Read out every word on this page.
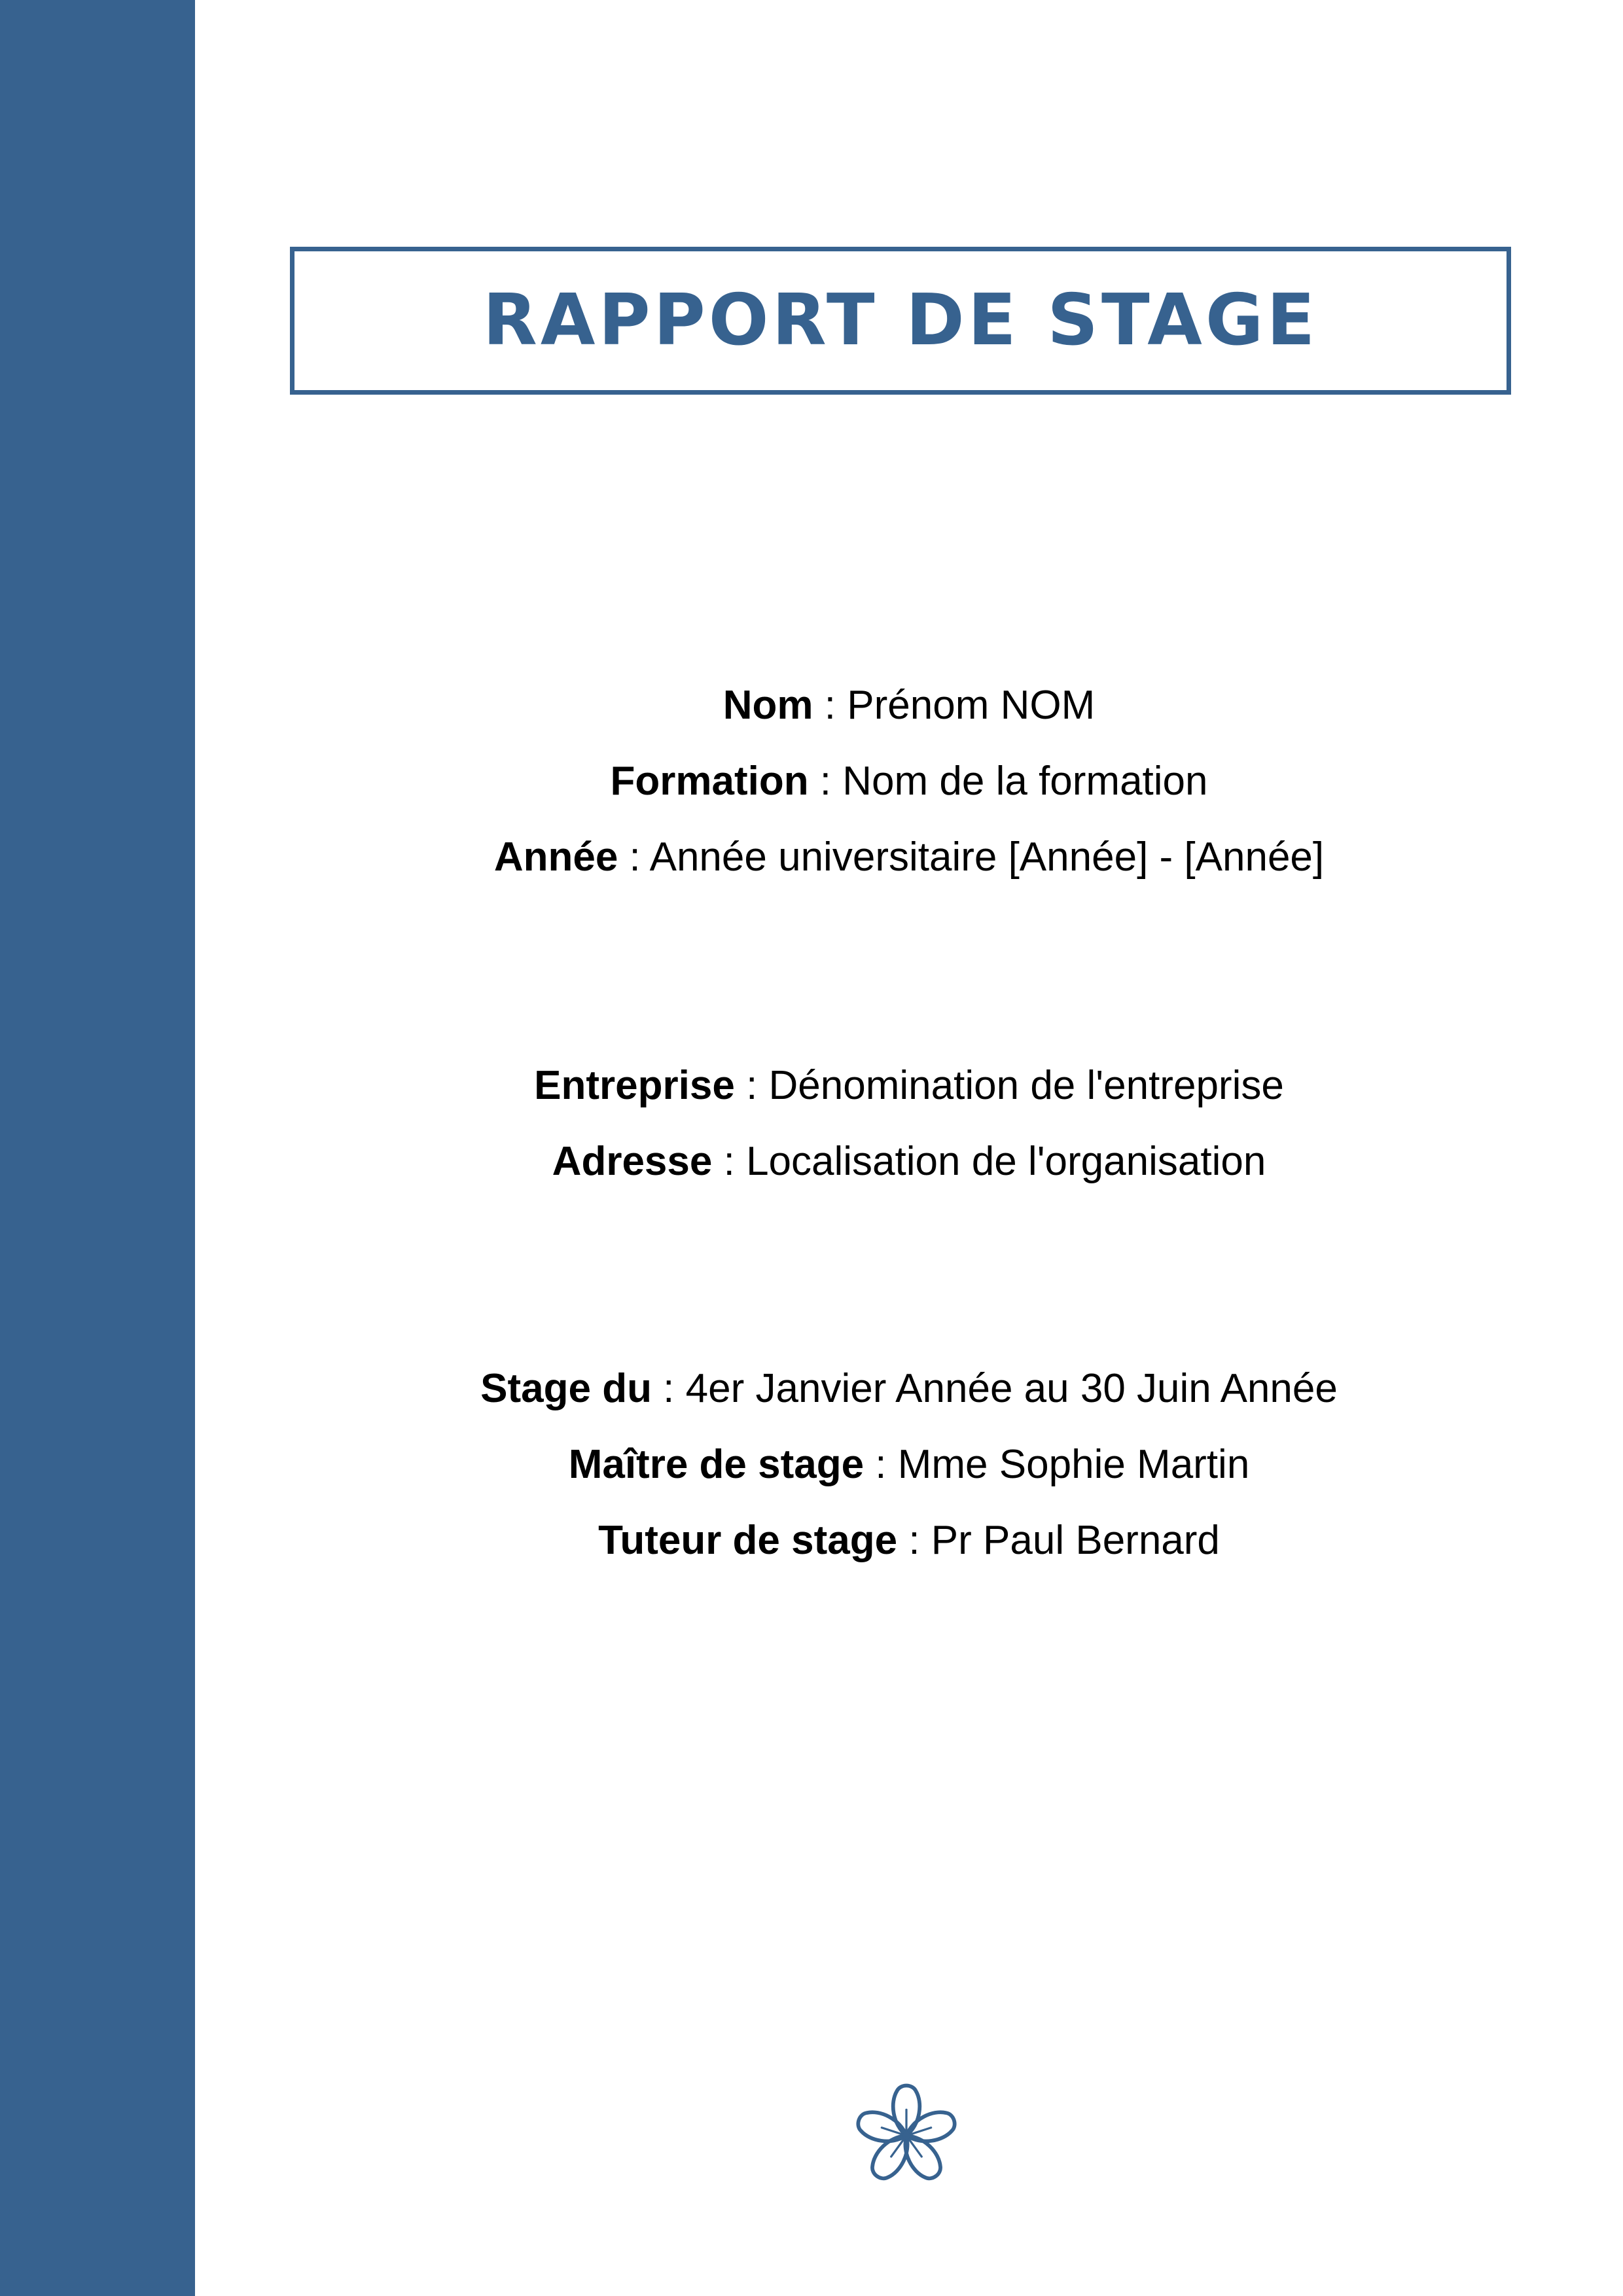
RAPPORT DE STAGE
Nom : Prénom NOM
Formation : Nom de la formation
Année : Année universitaire [Année] - [Année]
Entreprise : Dénomination de l'entreprise
Adresse : Localisation de l'organisation
Stage du : 4er Janvier Année au 30 Juin Année
Maître de stage : Mme Sophie Martin
Tuteur de stage : Pr Paul Bernard
